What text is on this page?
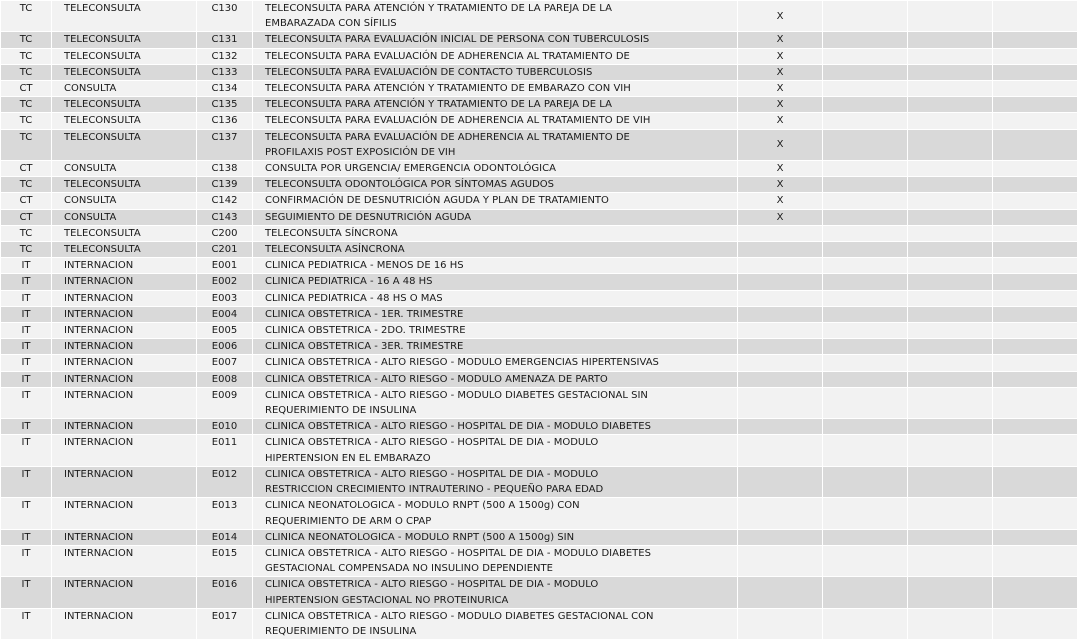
TC	TELECONSULTA	C130	TELECONSULTA PARA ATENCIÓN Y TRATAMIENTO DE LA PAREJA DE LA
EMBARAZADA CON SÍFILIS	X			
TC	TELECONSULTA	C131	TELECONSULTA PARA EVALUACIÓN INICIAL DE PERSONA CON TUBERCULOSIS	X			
TC	TELECONSULTA	C132	TELECONSULTA PARA EVALUACIÓN DE ADHERENCIA AL TRATAMIENTO DE	X			
TC	TELECONSULTA	C133	TELECONSULTA PARA EVALUACIÓN DE CONTACTO TUBERCULOSIS	X			
CT	CONSULTA	C134	TELECONSULTA PARA ATENCIÓN Y TRATAMIENTO DE EMBARAZO CON VIH	X			
TC	TELECONSULTA	C135	TELECONSULTA PARA ATENCIÓN Y TRATAMIENTO DE LA PAREJA DE LA	X			
TC	TELECONSULTA	C136	TELECONSULTA PARA EVALUACIÓN DE ADHERENCIA AL TRATAMIENTO DE VIH	X			
TC	TELECONSULTA	C137	TELECONSULTA PARA EVALUACIÓN DE ADHERENCIA AL TRATAMIENTO DE
PROFILAXIS POST EXPOSICIÓN DE VIH	X			
CT	CONSULTA	C138	CONSULTA POR URGENCIA/ EMERGENCIA ODONTOLÓGICA	X			
TC	TELECONSULTA	C139	TELECONSULTA ODONTOLÓGICA POR SÍNTOMAS AGUDOS	X			
CT	CONSULTA	C142	CONFIRMACIÓN DE DESNUTRICIÓN AGUDA Y PLAN DE TRATAMIENTO	X			
CT	CONSULTA	C143	SEGUIMIENTO DE DESNUTRICIÓN AGUDA	X			
TC	TELECONSULTA	C200	TELECONSULTA SÍNCRONA				

TC	TELECONSULTA	C201	TELECONSULTA ASÍNCRONA				

IT	INTERNACION	E001	CLINICA PEDIATRICA - MENOS DE 16 HS				

IT	INTERNACION	E002	CLINICA PEDIATRICA - 16 A 48 HS				

IT	INTERNACION	E003	CLINICA PEDIATRICA - 48 HS O MAS				

IT	INTERNACION	E004	CLINICA OBSTETRICA - 1ER. TRIMESTRE				

IT	INTERNACION	E005	CLINICA OBSTETRICA - 2DO. TRIMESTRE				

IT	INTERNACION	E006	CLINICA OBSTETRICA - 3ER. TRIMESTRE				

IT	INTERNACION	E007	CLINICA OBSTETRICA - ALTO RIESGO - MODULO EMERGENCIAS HIPERTENSIVAS				

IT	INTERNACION	E008	CLINICA OBSTETRICA - ALTO RIESGO - MODULO AMENAZA DE PARTO				

IT	INTERNACION	E009	CLINICA OBSTETRICA - ALTO RIESGO - MODULO DIABETES GESTACIONAL SIN
REQUERIMIENTO DE INSULINA				

IT	INTERNACION	E010	CLINICA OBSTETRICA - ALTO RIESGO - HOSPITAL DE DIA - MODULO DIABETES				

IT	INTERNACION	E011	CLINICA OBSTETRICA - ALTO RIESGO - HOSPITAL DE DIA - MODULO
HIPERTENSION EN EL EMBARAZO				

IT	INTERNACION	E012	CLINICA OBSTETRICA - ALTO RIESGO - HOSPITAL DE DIA - MODULO
RESTRICCION CRECIMIENTO INTRAUTERINO - PEQUEÑO PARA EDAD				

IT	INTERNACION	E013	CLINICA NEONATOLOGICA - MODULO RNPT (500 A 1500g) CON
REQUERIMIENTO DE ARM O CPAP				

IT	INTERNACION	E014	CLINICA NEONATOLOGICA - MODULO RNPT (500 A 1500g) SIN				

IT	INTERNACION	E015	CLINICA OBSTETRICA - ALTO RIESGO - HOSPITAL DE DIA - MODULO DIABETES
GESTACIONAL COMPENSADA NO INSULINO DEPENDIENTE				

IT	INTERNACION	E016	CLINICA OBSTETRICA - ALTO RIESGO - HOSPITAL DE DIA - MODULO
HIPERTENSION GESTACIONAL NO PROTEINURICA				

IT	INTERNACION	E017	CLINICA OBSTETRICA - ALTO RIESGO - MODULO DIABETES GESTACIONAL CON
REQUERIMIENTO DE INSULINA				
